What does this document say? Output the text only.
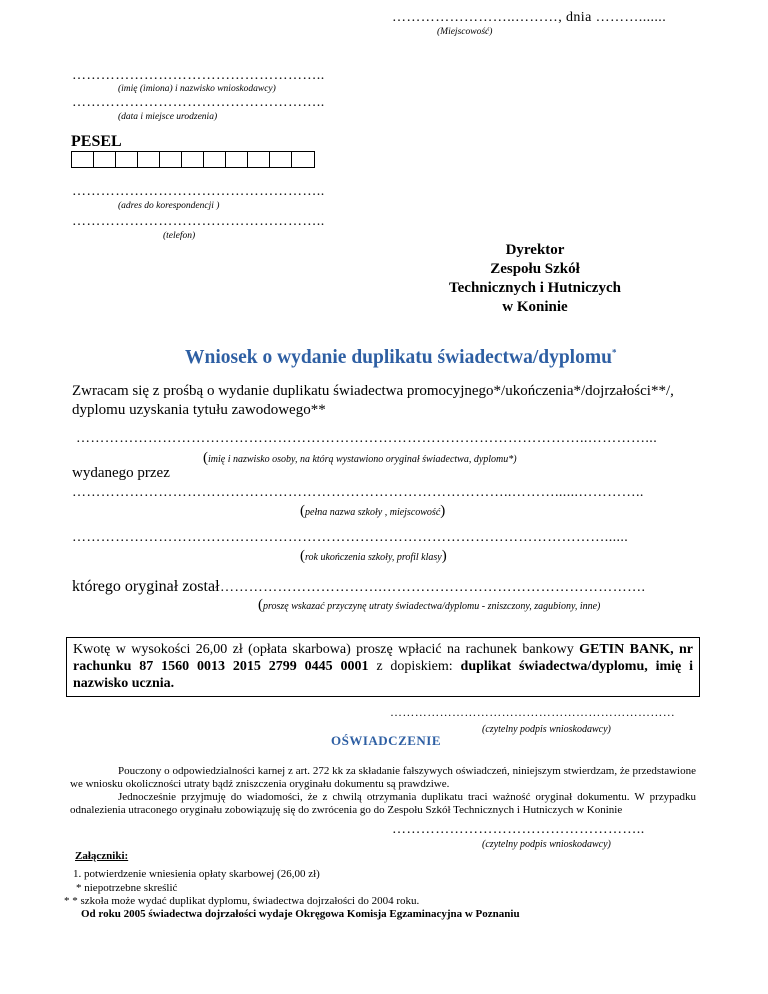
……………………..………, dnia ……….......
(Miejscowość)
……………………………………………..
(imię (imiona) i nazwisko wnioskodawcy)
……………………………………………..
(data i miejsce urodzenia)
PESEL
……………………………………………..
(adres do korespondencji )
……………………………………………..
(telefon)
Dyrektor
Zespołu Szkół
Technicznych i Hutniczych
w Koninie
Wniosek o wydanie duplikatu świadectwa/dyplomu*
Zwracam się z prośbą o wydanie duplikatu świadectwa promocyjnego*/ukończenia*/dojrzałości**/,
dyplomu uzyskania tytułu zawodowego**
……………………………………………………………………………………………..…………...
(imię i nazwisko osoby, na którą wystawiono oryginał świadectwa, dyplomu*)
wydanego przez
………………………………………………………………………………..………......…………..
(pełna nazwa szkoły , miejscowość)
…………………………………………………………………………………………………......
(rok ukończenia szkoły, profil klasy)
którego oryginał został …………………………….……………………………………………….
(proszę wskazać przyczynę utraty świadectwa/dyplomu - zniszczony, zagubiony, inne)
Kwotę w wysokości 26,00 zł (opłata skarbowa) proszę wpłacić na rachunek bankowy GETIN BANK, nr rachunku 87 1560 0013 2015 2799 0445 0001 z dopiskiem: duplikat świadectwa/dyplomu, imię i nazwisko ucznia.
……………………………………………………………
(czytelny podpis wnioskodawcy)
OŚWIADCZENIE
Pouczony o odpowiedzialności karnej z art. 272 kk za składanie fałszywych oświadczeń, niniejszym stwierdzam, że przedstawione we wniosku okoliczności utraty bądź zniszczenia oryginału dokumentu są prawdziwe.
Jednocześnie przyjmuję do wiadomości, że z chwilą otrzymania duplikatu traci ważność oryginał dokumentu. W przypadku odnalezienia utraconego oryginału zobowiązuję się do zwrócenia go do Zespołu Szkół Technicznych i Hutniczych w Koninie
……………………………………………..
(czytelny podpis wnioskodawcy)
Załączniki:
1. potwierdzenie wniesienia opłaty skarbowej (26,00 zł)
* niepotrzebne skreślić
* * szkoła może wydać duplikat dyplomu, świadectwa dojrzałości do 2004 roku.
Od roku 2005 świadectwa dojrzałości wydaje Okręgowa Komisja Egzaminacyjna w Poznaniu
